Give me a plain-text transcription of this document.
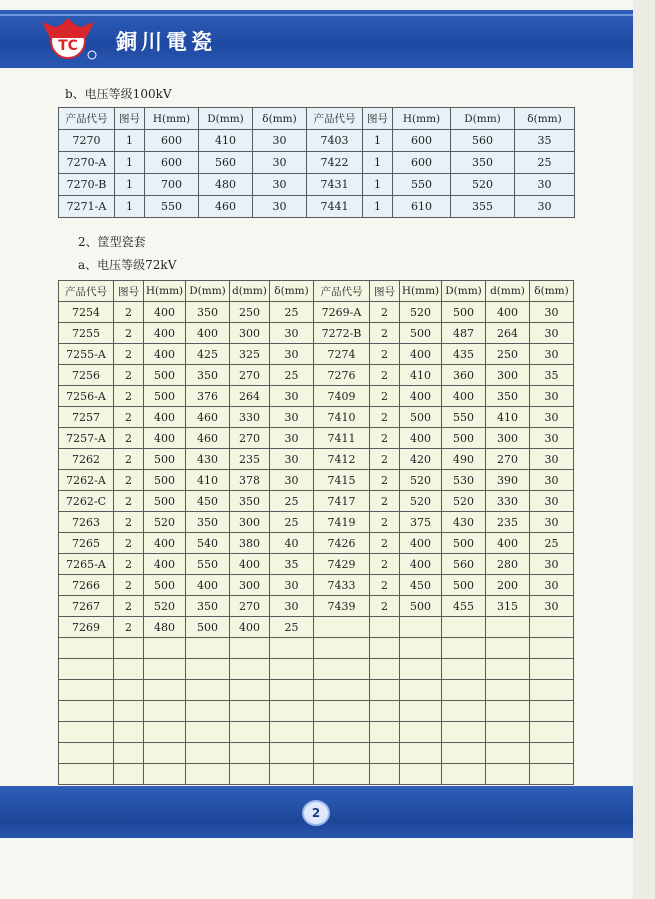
TC 銅川電瓷
b、电压等级100kV
产品代号	图号	H(mm)	D(mm)	δ(mm)	产品代号	图号	H(mm)	D(mm)	δ(mm)
7270	1	600	410	30	7403	1	600	560	35
7270-A	1	600	560	30	7422	1	600	350	25
7270-B	1	700	480	30	7431	1	550	520	30
7271-A	1	550	460	30	7441	1	610	355	30
2、筐型瓷套
a、电压等级72kV
产品代号	图号	H(mm)	D(mm)	d(mm)	δ(mm)	产品代号	图号	H(mm)	D(mm)	d(mm)	δ(mm)
7254	2	400	350	250	25	7269-A	2	520	500	400	30
7255	2	400	400	300	30	7272-B	2	500	487	264	30
7255-A	2	400	425	325	30	7274	2	400	435	250	30
7256	2	500	350	270	25	7276	2	410	360	300	35
7256-A	2	500	376	264	30	7409	2	400	400	350	30
7257	2	400	460	330	30	7410	2	500	550	410	30
7257-A	2	400	460	270	30	7411	2	400	500	300	30
7262	2	500	430	235	30	7412	2	420	490	270	30
7262-A	2	500	410	378	30	7415	2	520	530	390	30
7262-C	2	500	450	350	25	7417	2	520	520	330	30
7263	2	520	350	300	25	7419	2	375	430	235	30
7265	2	400	540	380	40	7426	2	400	500	400	25
7265-A	2	400	550	400	35	7429	2	400	560	280	30
7266	2	500	400	300	30	7433	2	450	500	200	30
7267	2	520	350	270	30	7439	2	500	455	315	30
7269	2	480	500	400	25						

2
